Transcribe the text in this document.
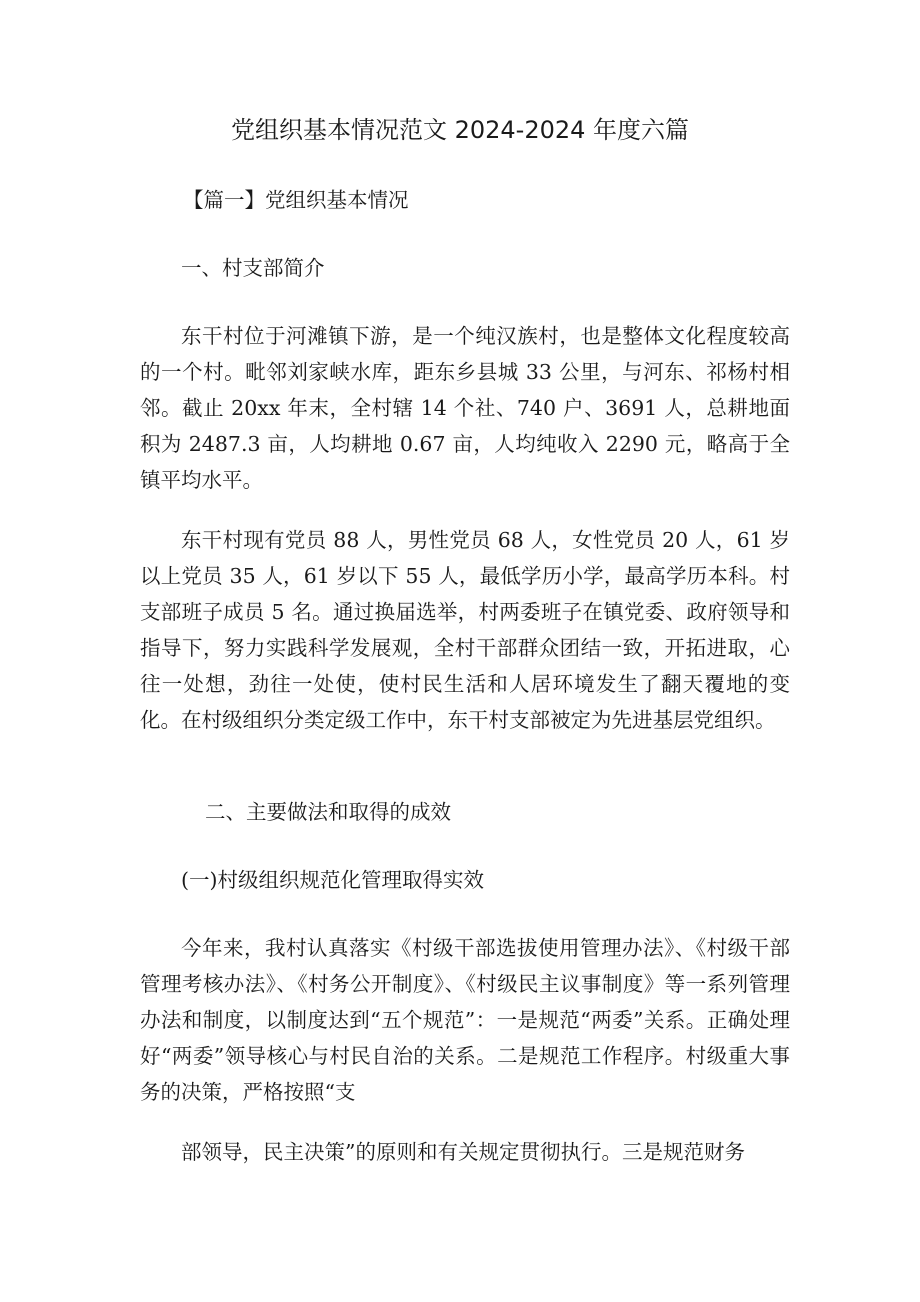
党组织基本情况范文 2024-2024 年度六篇

【篇一】党组织基本情况

一、村支部简介

东干村位于河滩镇下游，是一个纯汉族村，也是整体文化程度较高的一个村。毗邻刘家峡水库，距东乡县城 33 公里，与河东、祁杨村相邻。截止 20xx 年末，全村辖 14 个社、740 户、3691 人，总耕地面积为 2487.3 亩，人均耕地 0.67 亩，人均纯收入 2290 元，略高于全镇平均水平。

东干村现有党员 88 人，男性党员 68 人，女性党员 20 人，61 岁以上党员 35 人，61 岁以下 55 人，最低学历小学，最高学历本科。村支部班子成员 5 名。通过换届选举，村两委班子在镇党委、政府领导和指导下，努力实践科学发展观，全村干部群众团结一致，开拓进取，心往一处想，劲往一处使，使村民生活和人居环境发生了翻天覆地的变化。在村级组织分类定级工作中，东干村支部被定为先进基层党组织。

二、主要做法和取得的成效

(一)村级组织规范化管理取得实效

今年来，我村认真落实《村级干部选拔使用管理办法》、《村级干部管理考核办法》、《村务公开制度》、《村级民主议事制度》等一系列管理办法和制度，以制度达到“五个规范”：一是规范“两委”关系。正确处理好“两委”领导核心与村民自治的关系。二是规范工作程序。村级重大事务的决策，严格按照“支

部领导，民主决策”的原则和有关规定贯彻执行。三是规范财务
